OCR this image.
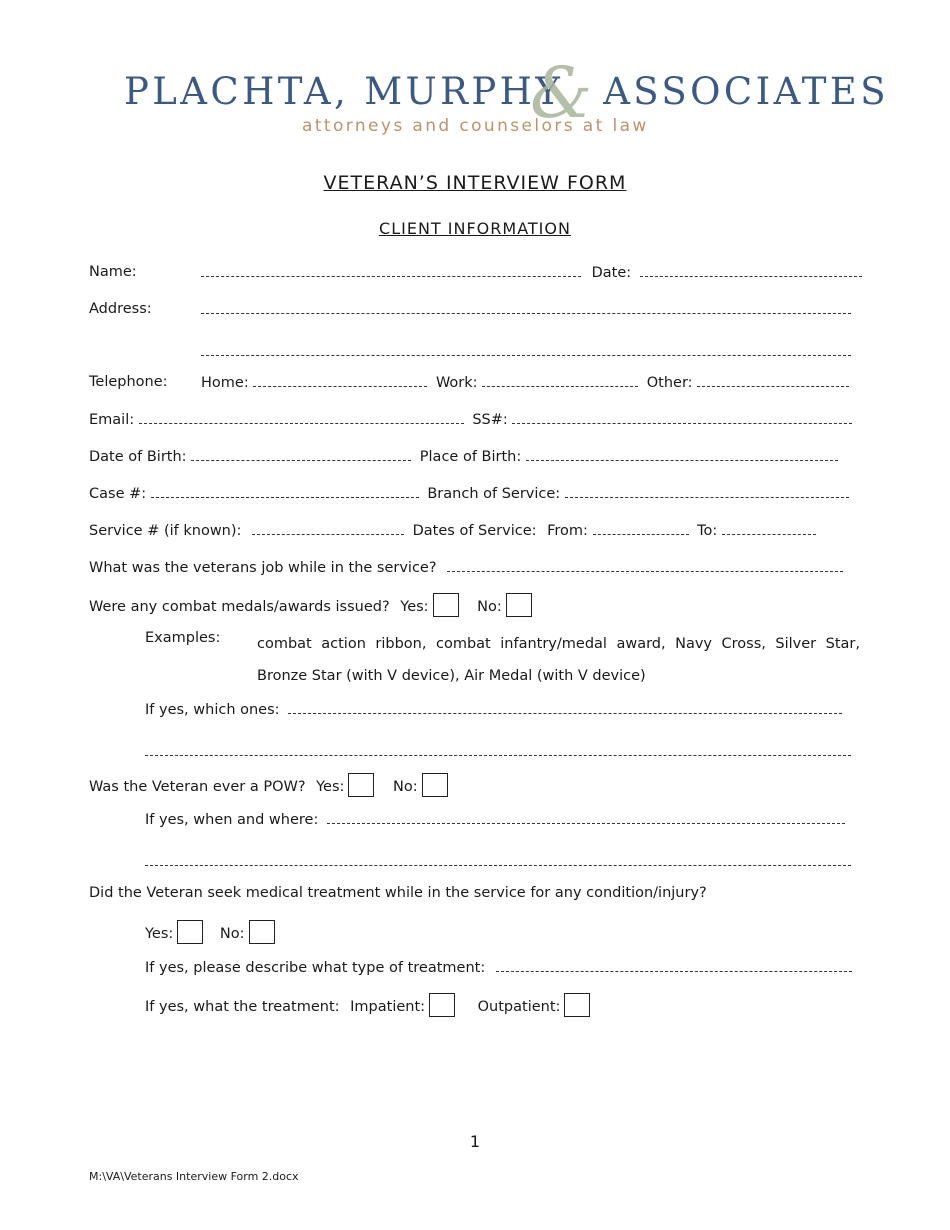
PLACHTA, MURPHY ASSOCIATES
&
attorneys and counselors at law
VETERAN’S INTERVIEW FORM
CLIENT INFORMATION
Name:	Date:
Address:
Telephone: Home:	Work:	Other:
Email:	SS#:
Date of Birth:	Place of Birth:
Case #:	Branch of Service:
Service # (if known):	Dates of Service: From:	To:
What was the veterans job while in the service?
Were any combat medals/awards issued? Yes:	No:
Examples:	combat action ribbon, combat infantry/medal award, Navy Cross, Silver Star, Bronze Star (with V device), Air Medal (with V device)
If yes, which ones:
Was the Veteran ever a POW? Yes:	No:
If yes, when and where:
Did the Veteran seek medical treatment while in the service for any condition/injury?
Yes:	No:
If yes, please describe what type of treatment:
If yes, what the treatment: Impatient:	Outpatient:
1
M:\VA\Veterans Interview Form 2.docx
